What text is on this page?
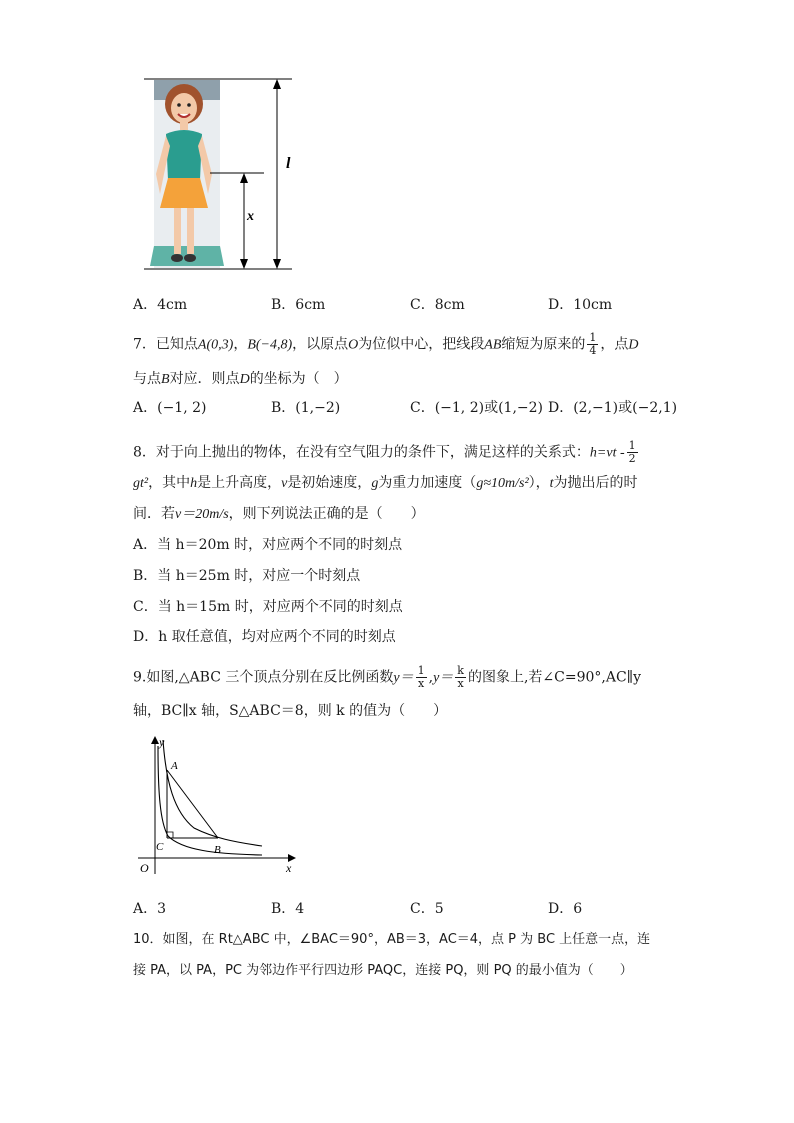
l
x
A．4cm	B．6cm	C．8cm	D．10cm
7．已知点A(0,3)，B(−4,8)，以原点O为位似中心，把线段AB缩短为原来的 $\frac{1}{4}$ ，点D
与点B对应．则点D的坐标为（　）
A．(−1, 2)	B．(1,−2)	C．(−1, 2)或(1,−2) D．(2,−1)或(−2,1)
8．对于向上抛出的物体，在没有空气阻力的条件下，满足这样的关系式：$h=vt - \frac{1}{2}$
gt²，其中h是上升高度，v是初始速度，g为重力加速度（g≈10m/s²），t为抛出后的时
间．若v＝20m/s，则下列说法正确的是（　　）
A．当 h＝20m 时，对应两个不同的时刻点
B．当 h＝25m 时，对应一个时刻点
C．当 h＝15m 时，对应两个不同的时刻点
D．h 取任意值，均对应两个不同的时刻点
9.如图,△ABC 三个顶点分别在反比例函数$y= \frac{1}{x} ,y= \frac{k}{x}$ 的图象上,若∠C=90°,AC∥y
轴，BC∥x 轴，S△ABC＝8，则 k 的值为（　　）
y
x
O
A
B
C
A．3	B．4	C．5	D．6
10．如图，在 Rt△ABC 中，∠BAC＝90°，AB＝3，AC＝4，点 P 为 BC 上任意一点，连
接 PA，以 PA，PC 为邻边作平行四边形 PAQC，连接 PQ，则 PQ 的最小值为（　　）
